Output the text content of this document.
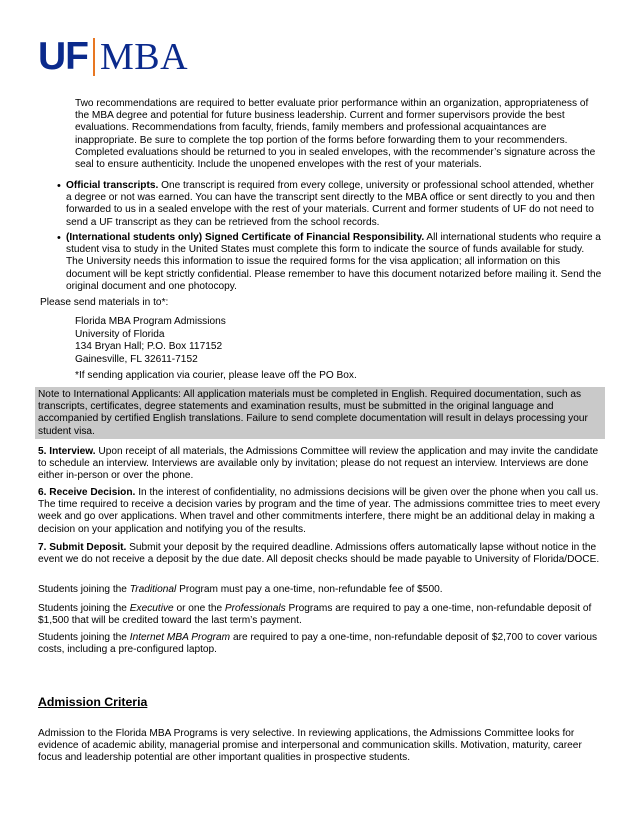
UF MBA

Two recommendations are required to better evaluate prior performance within an organization, appropriateness of the MBA degree and potential for future business leadership. Current and former supervisors provide the best evaluations. Recommendations from faculty, friends, family members and professional acquaintances are inappropriate. Be sure to complete the top portion of the forms before forwarding them to your recommenders. Completed evaluations should be returned to you in sealed envelopes, with the recommender’s signature across the seal to ensure authenticity. Include the unopened envelopes with the rest of your materials.

• Official transcripts. One transcript is required from every college, university or professional school attended, whether a degree or not was earned. You can have the transcript sent directly to the MBA office or sent directly to you and then forwarded to us in a sealed envelope with the rest of your materials. Current and former students of UF do not need to send a UF transcript as they can be retrieved from the school records.

• (International students only) Signed Certificate of Financial Responsibility. All international students who require a student visa to study in the United States must complete this form to indicate the source of funds available for study. The University needs this information to issue the required forms for the visa application; all information on this document will be kept strictly confidential. Please remember to have this document notarized before mailing it. Send the original document and one photocopy.

Please send materials in to*:

Florida MBA Program Admissions
University of Florida
134 Bryan Hall; P.O. Box 117152
Gainesville, FL 32611-7152

*If sending application via courier, please leave off the PO Box.

Note to International Applicants: All application materials must be completed in English. Required documentation, such as transcripts, certificates, degree statements and examination results, must be submitted in the original language and accompanied by certified English translations. Failure to send complete documentation will result in delays processing your student visa.

5. Interview. Upon receipt of all materials, the Admissions Committee will review the application and may invite the candidate to schedule an interview. Interviews are available only by invitation; please do not request an interview. Interviews are done either in-person or over the phone.

6. Receive Decision. In the interest of confidentiality, no admissions decisions will be given over the phone when you call us. The time required to receive a decision varies by program and the time of year. The admissions committee tries to meet every week and go over applications. When travel and other commitments interfere, there might be an additional delay in making a decision on your application and notifying you of the results.

7. Submit Deposit. Submit your deposit by the required deadline. Admissions offers automatically lapse without notice in the event we do not receive a deposit by the due date. All deposit checks should be made payable to University of Florida/DOCE.

Students joining the Traditional Program must pay a one-time, non-refundable fee of $500.

Students joining the Executive or one the Professionals Programs are required to pay a one-time, non-refundable deposit of $1,500 that will be credited toward the last term’s payment.

Students joining the Internet MBA Program are required to pay a one-time, non-refundable deposit of $2,700 to cover various costs, including a pre-configured laptop.

Admission Criteria

Admission to the Florida MBA Programs is very selective. In reviewing applications, the Admissions Committee looks for evidence of academic ability, managerial promise and interpersonal and communication skills. Motivation, maturity, career focus and leadership potential are other important qualities in prospective students.
